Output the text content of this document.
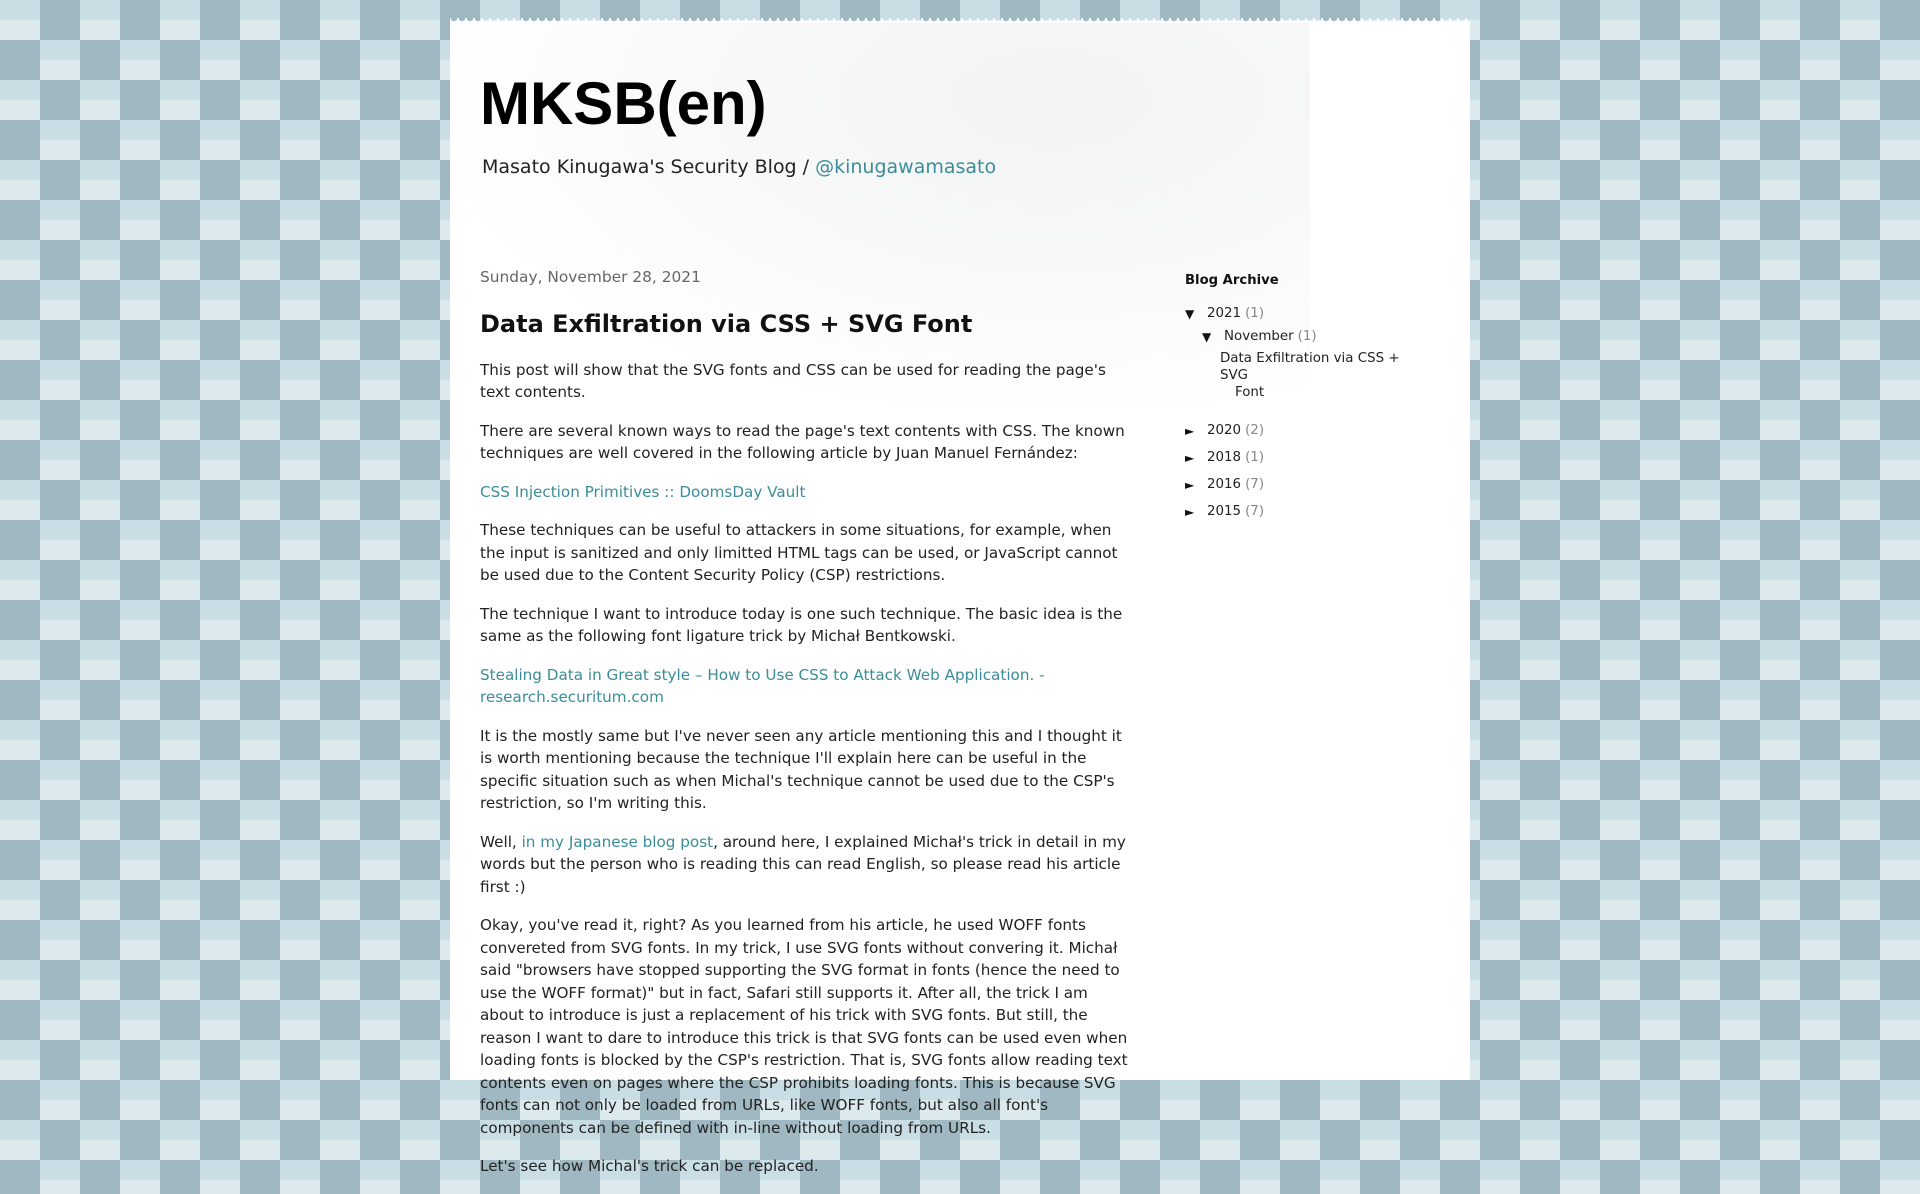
MKSB(en)
Masato Kinugawa's Security Blog / @kinugawamasato
Sunday, November 28, 2021
Data Exfiltration via CSS + SVG Font

This post will show that the SVG fonts and CSS can be used for reading the page's text contents.

There are several known ways to read the page's text contents with CSS. The known techniques are well covered in the following article by Juan Manuel Fernández:

CSS Injection Primitives :: DoomsDay Vault

These techniques can be useful to attackers in some situations, for example, when the input is sanitized and only limitted HTML tags can be used, or JavaScript cannot be used due to the Content Security Policy (CSP) restrictions.

The technique I want to introduce today is one such technique. The basic idea is the same as the following font ligature trick by Michał Bentkowski.

Stealing Data in Great style – How to Use CSS to Attack Web Application. - research.securitum.com

It is the mostly same but I've never seen any article mentioning this and I thought it is worth mentioning because the technique I'll explain here can be useful in the specific situation such as when Michal's technique cannot be used due to the CSP's restriction, so I'm writing this.

Well, in my Japanese blog post, around here, I explained Michał's trick in detail in my words but the person who is reading this can read English, so please read his article first :)

Okay, you've read it, right? As you learned from his article, he used WOFF fonts convereted from SVG fonts. In my trick, I use SVG fonts without convering it. Michał said "browsers have stopped supporting the SVG format in fonts (hence the need to use the WOFF format)" but in fact, Safari still supports it. After all, the trick I am about to introduce is just a replacement of his trick with SVG fonts. But still, the reason I want to dare to introduce this trick is that SVG fonts can be used even when loading fonts is blocked by the CSP's restriction. That is, SVG fonts allow reading text contents even on pages where the CSP prohibits loading fonts. This is because SVG fonts can not only be loaded from URLs, like WOFF fonts, but also all font's components can be defined with in-line without loading from URLs.

Let's see how Michal's trick can be replaced.

Blog Archive
▼ 2021 (1)
▼ November (1)
Data Exfiltration via CSS + SVG
Font
► 2020 (2)
► 2018 (1)
► 2016 (7)
► 2015 (7)
